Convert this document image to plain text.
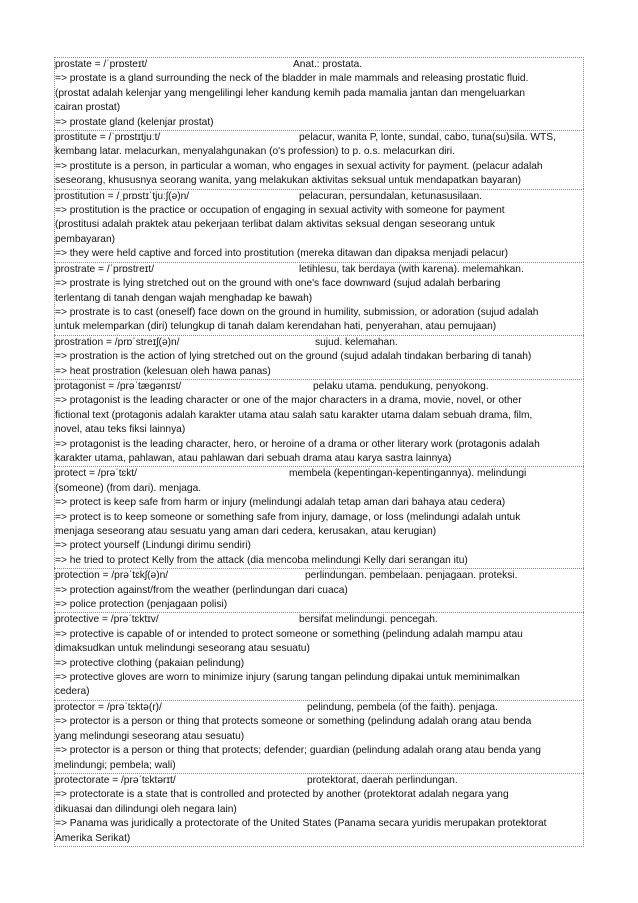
prostate = /ˈprɒsteɪt/	Anat.: prostata.
=> prostate is a gland surrounding the neck of the bladder in male mammals and releasing prostatic fluid.
(prostat adalah kelenjar yang mengelilingi leher kandung kemih pada mamalia jantan dan mengeluarkan
cairan prostat)
=> prostate gland (kelenjar prostat)
prostitute = /ˈprɒstɪtjuːt/	pelacur, wanita P, lonte, sundal, cabo, tuna(su)sila. WTS,
kembang latar. melacurkan, menyalahgunakan (o's profession) to p. o.s. melacurkan diri.
=> prostitute is a person, in particular a woman, who engages in sexual activity for payment. (pelacur adalah
seseorang, khususnya seorang wanita, yang melakukan aktivitas seksual untuk mendapatkan bayaran)
prostitution = /ˌprɒstɪˈtjuːʃ(ə)n/	pelacuran, persundalan, ketunasusilaan.
=> prostitution is the practice or occupation of engaging in sexual activity with someone for payment
(prostitusi adalah praktek atau pekerjaan terlibat dalam aktivitas seksual dengan seseorang untuk
pembayaran)
=> they were held captive and forced into prostitution (mereka ditawan dan dipaksa menjadi pelacur)
prostrate = /ˈprɒstreɪt/	letihlesu, tak berdaya (with karena). melemahkan.
=> prostrate is lying stretched out on the ground with one's face downward (sujud adalah berbaring
terlentang di tanah dengan wajah menghadap ke bawah)
=> prostrate is to cast (oneself) face down on the ground in humility, submission, or adoration (sujud adalah
untuk melemparkan (diri) telungkup di tanah dalam kerendahan hati, penyerahan, atau pemujaan)
prostration = /prɒˈstreɪʃ(ə)n/	sujud. kelemahan.
=> prostration is the action of lying stretched out on the ground (sujud adalah tindakan berbaring di tanah)
=> heat prostration (kelesuan oleh hawa panas)
protagonist = /prəˈtægənɪst/	pelaku utama. pendukung, penyokong.
=> protagonist is the leading character or one of the major characters in a drama, movie, novel, or other
fictional text (protagonis adalah karakter utama atau salah satu karakter utama dalam sebuah drama, film,
novel, atau teks fiksi lainnya)
=> protagonist is the leading character, hero, or heroine of a drama or other literary work (protagonis adalah
karakter utama, pahlawan, atau pahlawan dari sebuah drama atau karya sastra lainnya)
protect = /prəˈtɛkt/	membela (kepentingan-kepentingannya). melindungi
(someone) (from dari). menjaga.
=> protect is keep safe from harm or injury (melindungi adalah tetap aman dari bahaya atau cedera)
=> protect is to keep someone or something safe from injury, damage, or loss (melindungi adalah untuk
menjaga seseorang atau sesuatu yang aman dari cedera, kerusakan, atau kerugian)
=> protect yourself (Lindungi dirimu sendiri)
=> he tried to protect Kelly from the attack (dia mencoba melindungi Kelly dari serangan itu)
protection = /prəˈtɛkʃ(ə)n/	perlindungan. pembelaan. penjagaan. proteksi.
=> protection against/from the weather (perlindungan dari cuaca)
=> police protection (penjagaan polisi)
protective = /prəˈtɛktɪv/	bersifat melindungi. pencegah.
=> protective is capable of or intended to protect someone or something (pelindung adalah mampu atau
dimaksudkan untuk melindungi seseorang atau sesuatu)
=> protective clothing (pakaian pelindung)
=> protective gloves are worn to minimize injury (sarung tangan pelindung dipakai untuk meminimalkan
cedera)
protector = /prəˈtɛktə(r)/	pelindung, pembela (of the faith). penjaga.
=> protector is a person or thing that protects someone or something (pelindung adalah orang atau benda
yang melindungi seseorang atau sesuatu)
=> protector is a person or thing that protects; defender; guardian (pelindung adalah orang atau benda yang
melindungi; pembela; wali)
protectorate = /prəˈtɛktərɪt/	protektorat, daerah perlindungan.
=> protectorate is a state that is controlled and protected by another (protektorat adalah negara yang
dikuasai dan dilindungi oleh negara lain)
=> Panama was juridically a protectorate of the United States (Panama secara yuridis merupakan protektorat
Amerika Serikat)
